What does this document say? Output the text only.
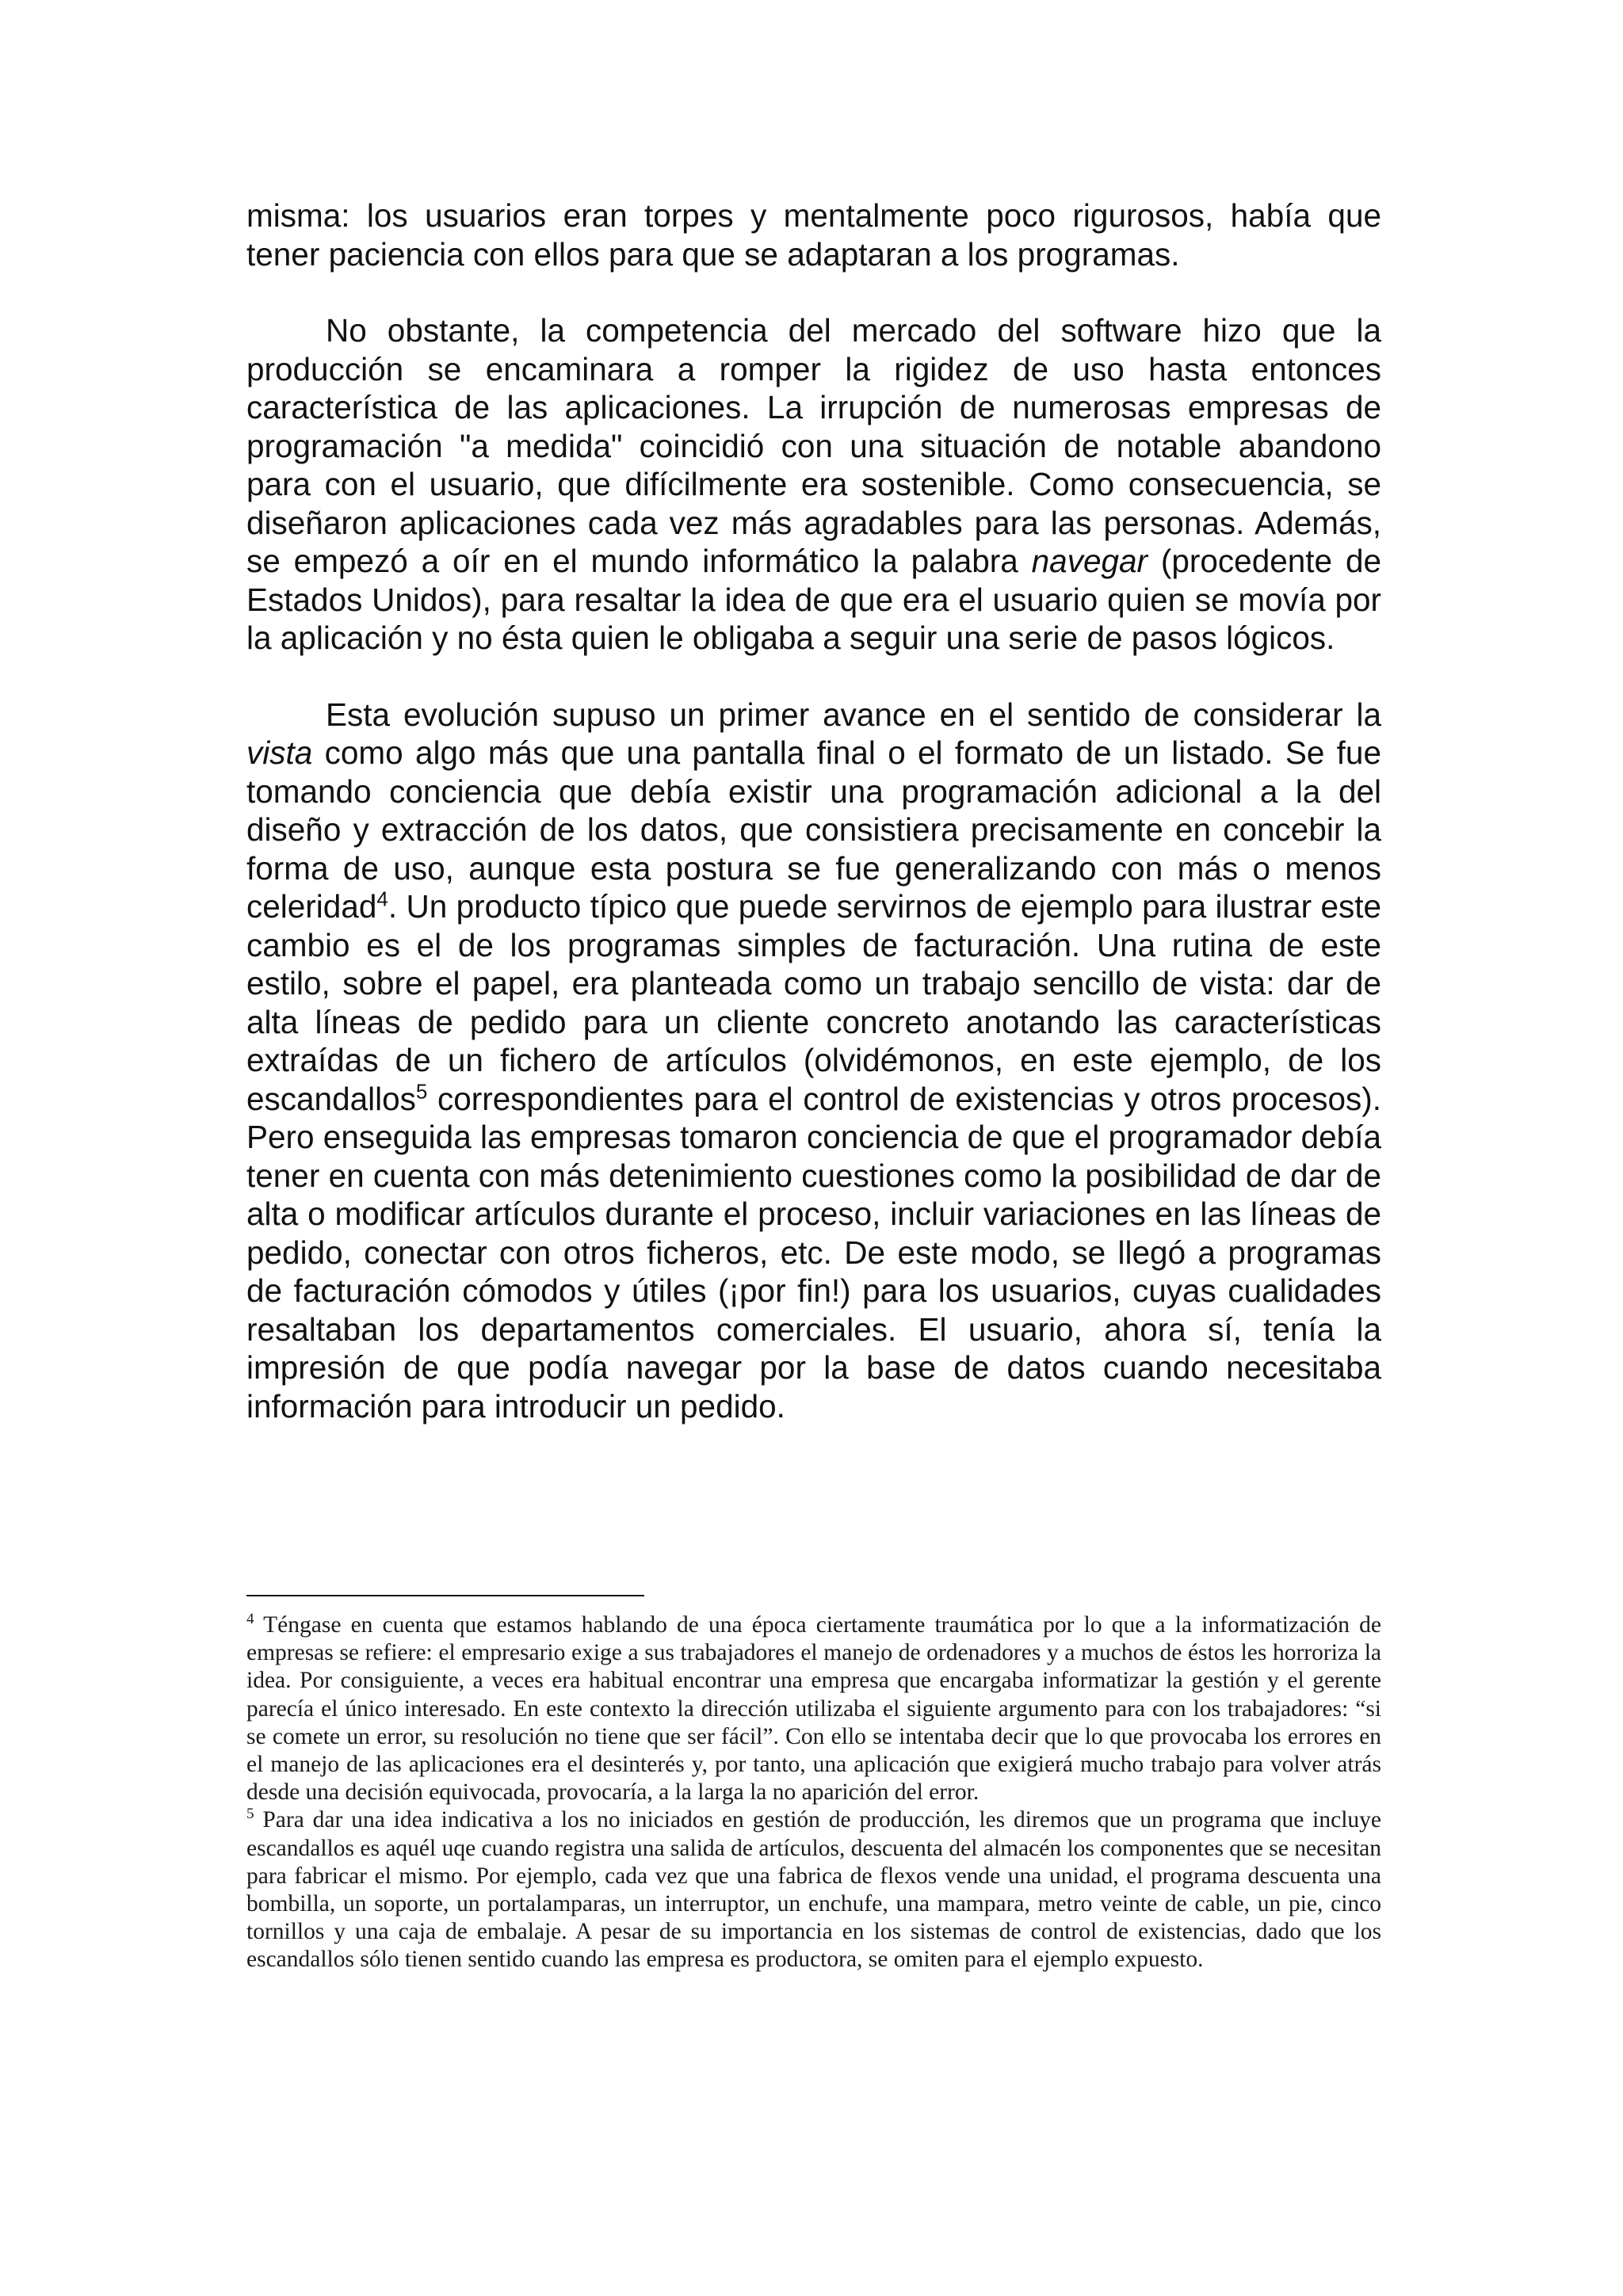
misma: los usuarios eran torpes y mentalmente poco rigurosos, había que tener paciencia con ellos para que se adaptaran a los programas.

No obstante, la competencia del mercado del software hizo que la producción se encaminara a romper la rigidez de uso hasta entonces característica de las aplicaciones. La irrupción de numerosas empresas de programación "a medida" coincidió con una situación de notable abandono para con el usuario, que difícilmente era sostenible. Como consecuencia, se diseñaron aplicaciones cada vez más agradables para las personas. Además, se empezó a oír en el mundo informático la palabra navegar (procedente de Estados Unidos), para resaltar la idea de que era el usuario quien se movía por la aplicación y no ésta quien le obligaba a seguir una serie de pasos lógicos.

Esta evolución supuso un primer avance en el sentido de considerar la vista como algo más que una pantalla final o el formato de un listado. Se fue tomando conciencia que debía existir una programación adicional a la del diseño y extracción de los datos, que consistiera precisamente en concebir la forma de uso, aunque esta postura se fue generalizando con más o menos celeridad$^4$. Un producto típico que puede servirnos de ejemplo para ilustrar este cambio es el de los programas simples de facturación. Una rutina de este estilo, sobre el papel, era planteada como un trabajo sencillo de vista: dar de alta líneas de pedido para un cliente concreto anotando las características extraídas de un fichero de artículos (olvidémonos, en este ejemplo, de los escandallos$^5$ correspondientes para el control de existencias y otros procesos). Pero enseguida las empresas tomaron conciencia de que el programador debía tener en cuenta con más detenimiento cuestiones como la posibilidad de dar de alta o modificar artículos durante el proceso, incluir variaciones en las líneas de pedido, conectar con otros ficheros, etc. De este modo, se llegó a programas de facturación cómodos y útiles (¡por fin!) para los usuarios, cuyas cualidades resaltaban los departamentos comerciales. El usuario, ahora sí, tenía la impresión de que podía navegar por la base de datos cuando necesitaba información para introducir un pedido.

$^4$ Téngase en cuenta que estamos hablando de una época ciertamente traumática por lo que a la informatización de empresas se refiere: el empresario exige a sus trabajadores el manejo de ordenadores y a muchos de éstos les horroriza la idea. Por consiguiente, a veces era habitual encontrar una empresa que encargaba informatizar la gestión y el gerente parecía el único interesado. En este contexto la dirección utilizaba el siguiente argumento para con los trabajadores: “si se comete un error, su resolución no tiene que ser fácil”. Con ello se intentaba decir que lo que provocaba los errores en el manejo de las aplicaciones era el desinterés y, por tanto, una aplicación que exigierá mucho trabajo para volver atrás desde una decisión equivocada, provocaría, a la larga la no aparición del error.

$^5$ Para dar una idea indicativa a los no iniciados en gestión de producción, les diremos que un programa que incluye escandallos es aquél uqe cuando registra una salida de artículos, descuenta del almacén los componentes que se necesitan para fabricar el mismo. Por ejemplo, cada vez que una fabrica de flexos vende una unidad, el programa descuenta una bombilla, un soporte, un portalamparas, un interruptor, un enchufe, una mampara, metro veinte de cable, un pie, cinco tornillos y una caja de embalaje. A pesar de su importancia en los sistemas de control de existencias, dado que los escandallos sólo tienen sentido cuando las empresa es productora, se omiten para el ejemplo expuesto.
